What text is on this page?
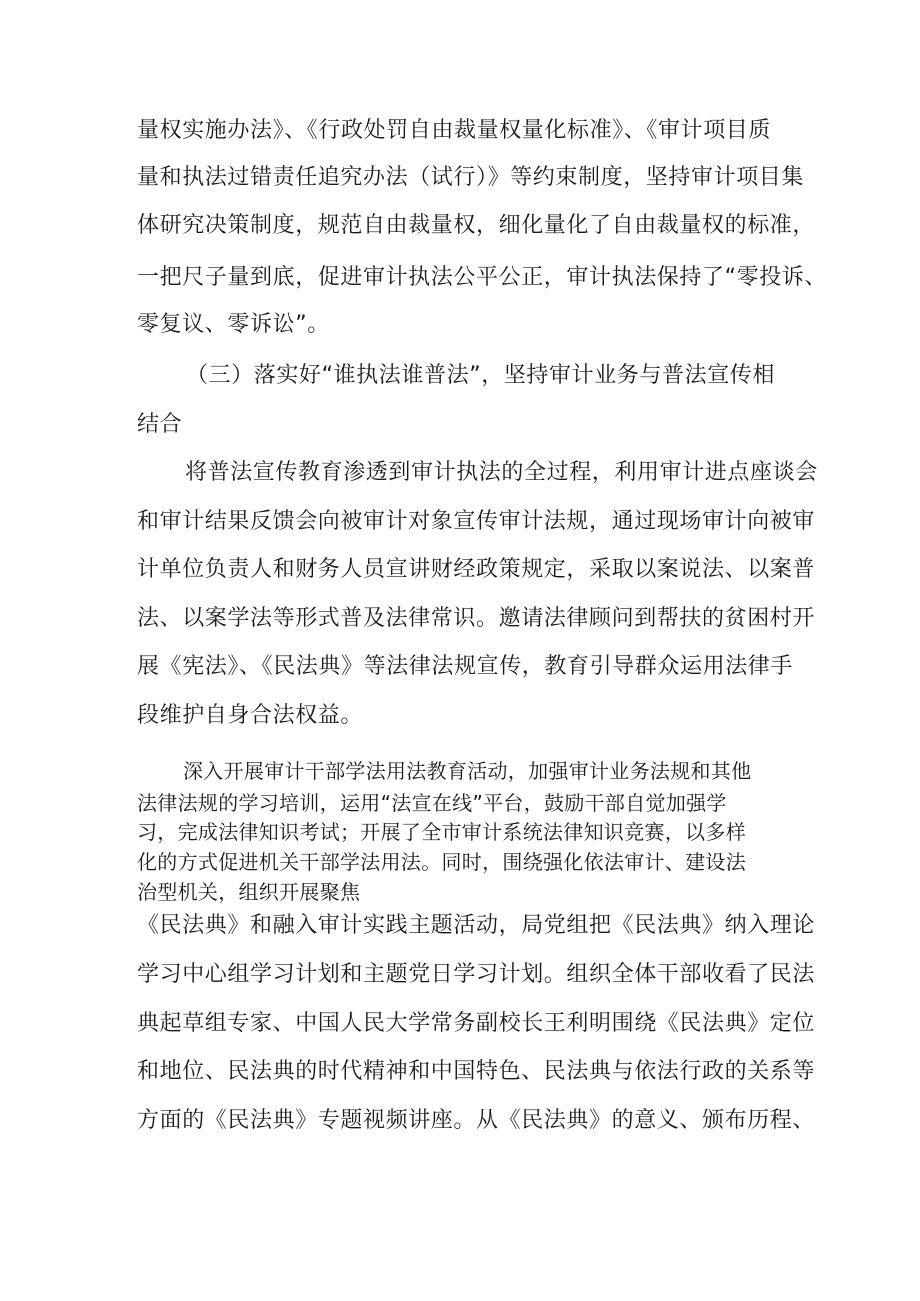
量权实施办法》、《行政处罚自由裁量权量化标准》、《审计项目质
量和执法过错责任追究办法（试行）》等约束制度，坚持审计项目集
体研究决策制度，规范自由裁量权，细化量化了自由裁量权的标准，
一把尺子量到底，促进审计执法公平公正，审计执法保持了“零投诉、
零复议、零诉讼”。
（三）落实好“谁执法谁普法”，坚持审计业务与普法宣传相
结合
将普法宣传教育渗透到审计执法的全过程，利用审计进点座谈会
和审计结果反馈会向被审计对象宣传审计法规，通过现场审计向被审
计单位负责人和财务人员宣讲财经政策规定，采取以案说法、以案普
法、以案学法等形式普及法律常识。邀请法律顾问到帮扶的贫困村开
展《宪法》、《民法典》等法律法规宣传，教育引导群众运用法律手
段维护自身合法权益。
深入开展审计干部学法用法教育活动，加强审计业务法规和其他
法律法规的学习培训，运用“法宣在线”平台，鼓励干部自觉加强学
习，完成法律知识考试；开展了全市审计系统法律知识竞赛，以多样
化的方式促进机关干部学法用法。同时，围绕强化依法审计、建设法
治型机关，组织开展聚焦
《民法典》和融入审计实践主题活动，局党组把《民法典》纳入理论
学习中心组学习计划和主题党日学习计划。组织全体干部收看了民法
典起草组专家、中国人民大学常务副校长王利明围绕《民法典》定位
和地位、民法典的时代精神和中国特色、民法典与依法行政的关系等
方面的《民法典》专题视频讲座。从《民法典》的意义、颁布历程、
